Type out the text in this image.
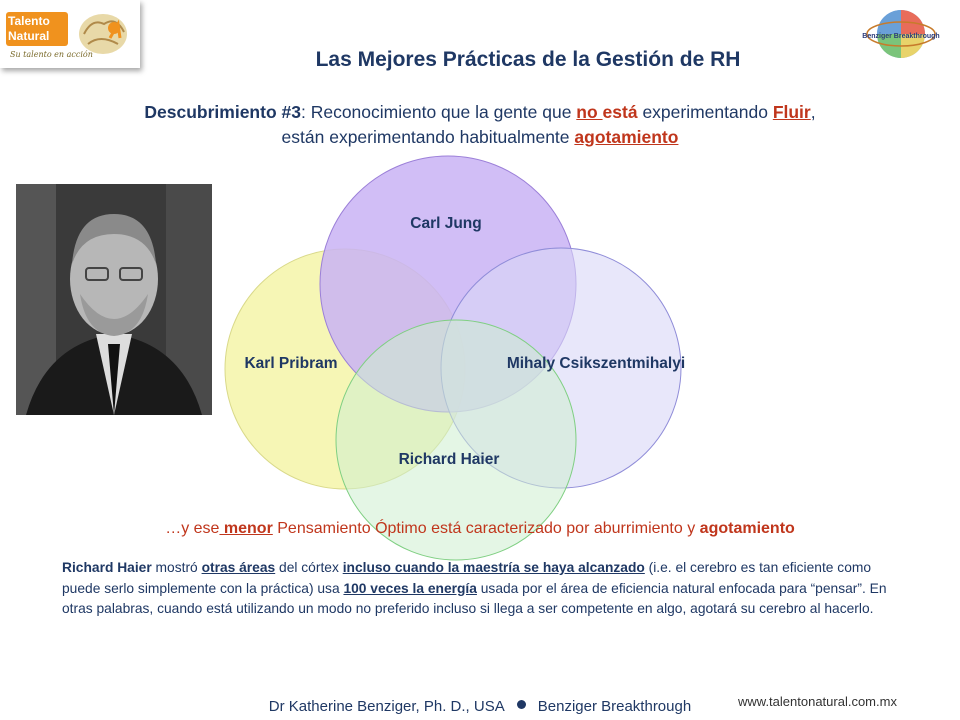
Talento
Natural
Su talento en acción
Benziger Breakthrough
Las Mejores Prácticas de la Gestión de RH
Descubrimiento #3: Reconocimiento que la gente que no está experimentando Fluir,
están experimentando habitualmente agotamiento
Carl Jung
Karl Pribram	Mihaly Csikszentmihalyi
Richard Haier
…y ese menor Pensamiento Óptimo está caracterizado por aburrimiento y agotamiento
Richard Haier mostró otras áreas del córtex incluso cuando la maestría se haya alcanzado (i.e. el cerebro es tan eficiente como puede serlo simplemente con la práctica) usa 100 veces la energía usada por el área de eficiencia natural enfocada para “pensar”. En otras palabras, cuando está utilizando un modo no preferido incluso si llega a ser competente en algo, agotará su cerebro al hacerlo.
Dr Katherine Benziger, Ph. D., USA Benziger Breakthrough	www.talentonatural.com.mx
